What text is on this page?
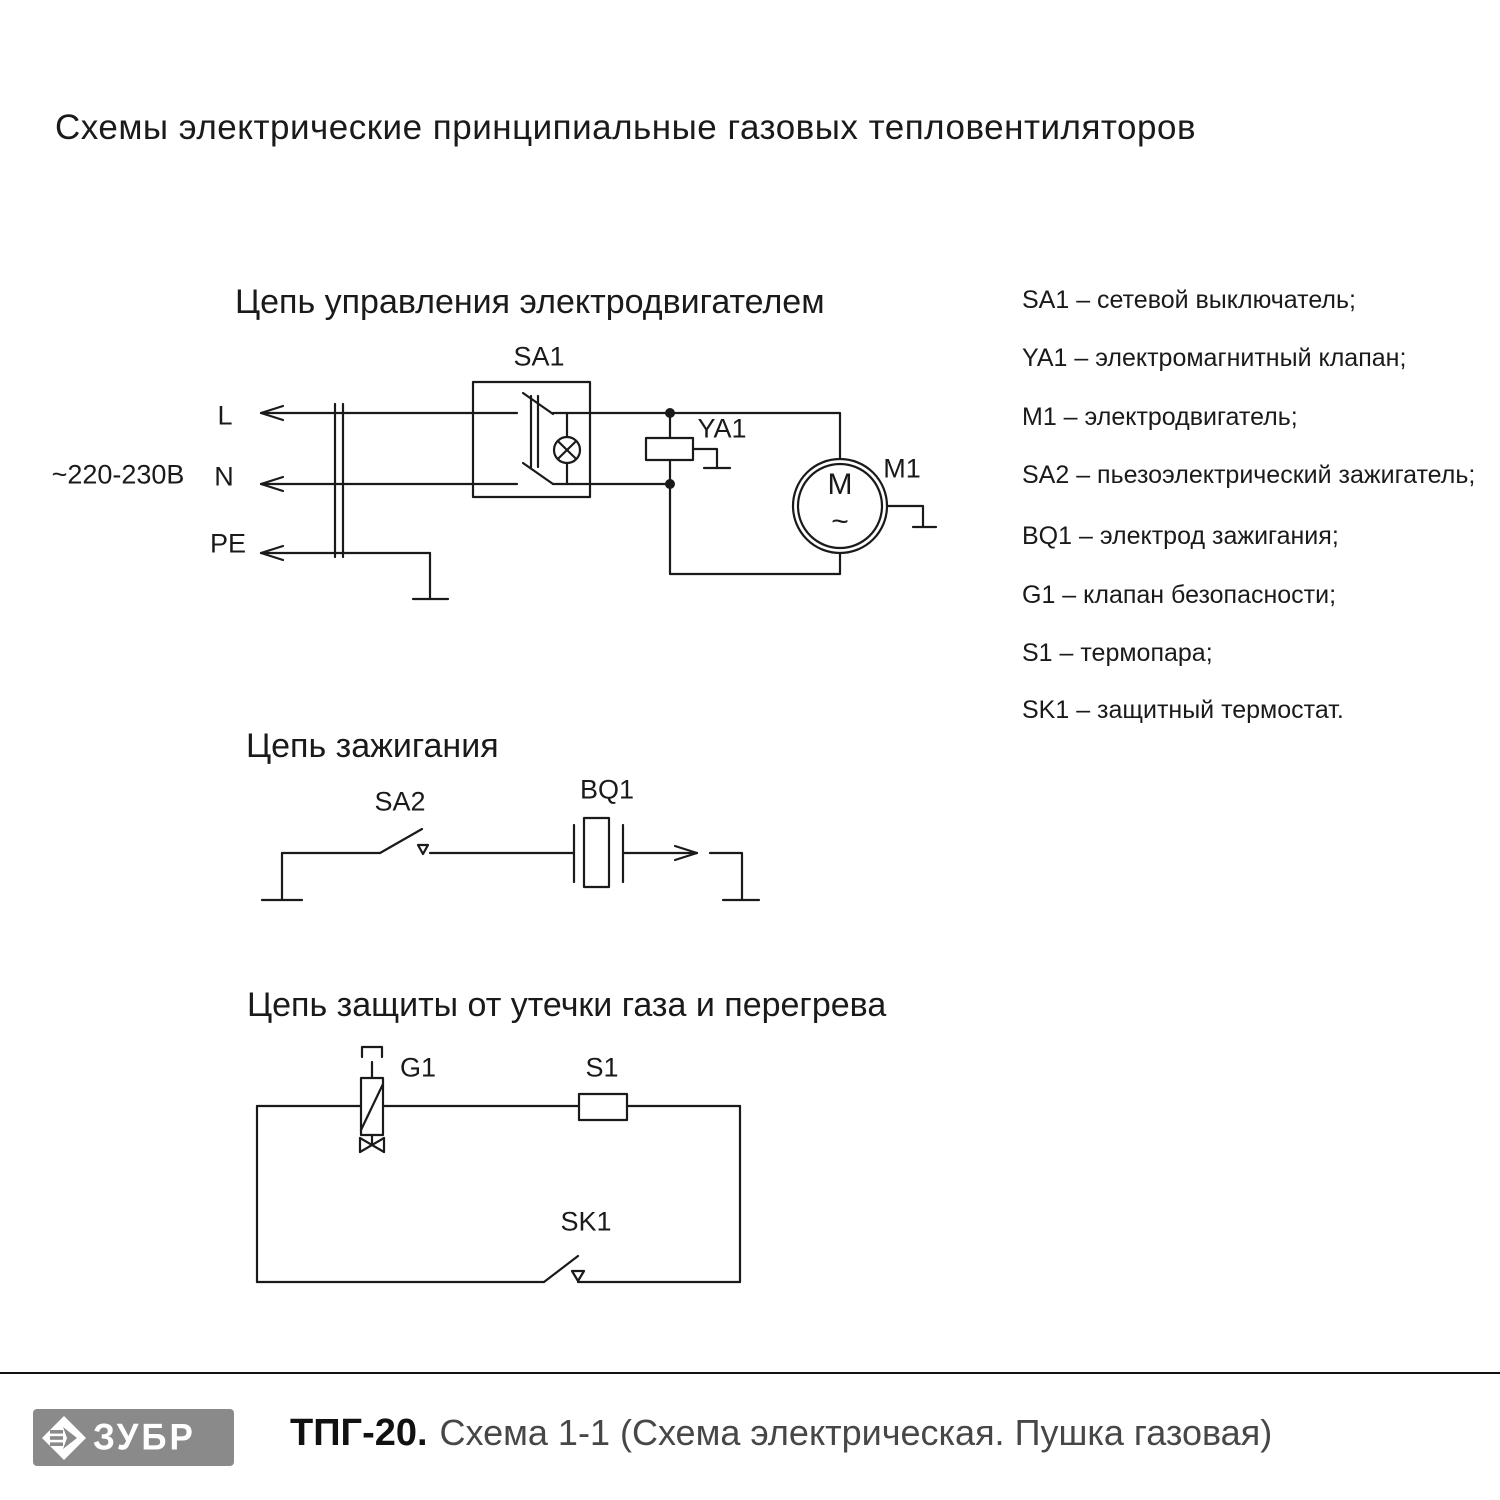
Схемы электрические принципиальные газовых тепловентиляторов
Цепь управления электродвигателем
Цепь зажигания
Цепь защиты от утечки газа и перегрева
L
N
PE
~220-230В
SA1
YA1
M1
M
~
SA2	BQ1
G1	S1
SK1
SA1 – сетевой выключатель;
YA1 – электромагнитный клапан;
M1 – электродвигатель;
SA2 – пьезоэлектрический зажигатель;
BQ1 – электрод зажигания;
G1 – клапан безопасности;
S1 – термопара;
SK1 – защитный термостат.
ЗУБР ТПГ-20. Схема 1-1 (Схема электрическая. Пушка газовая)
